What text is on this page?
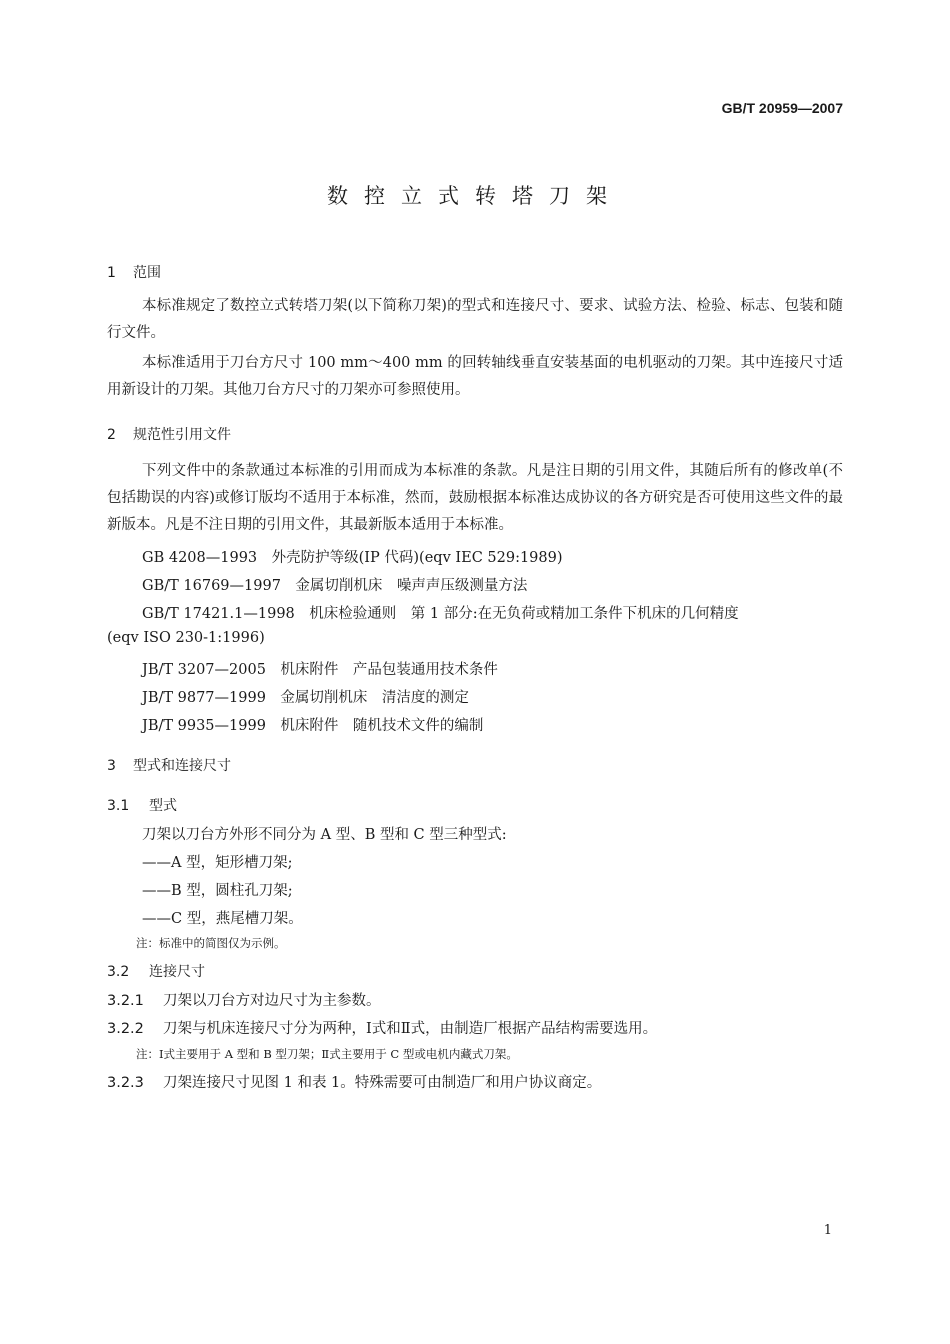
GB/T 20959—2007
数控立式转塔刀架
1 范围
本标准规定了数控立式转塔刀架(以下简称刀架)的型式和连接尺寸、要求、试验方法、检验、标志、包装和随行文件。
本标准适用于刀台方尺寸 100 mm～400 mm 的回转轴线垂直安装基面的电机驱动的刀架。其中连接尺寸适用新设计的刀架。其他刀台方尺寸的刀架亦可参照使用。
2 规范性引用文件
下列文件中的条款通过本标准的引用而成为本标准的条款。凡是注日期的引用文件，其随后所有的修改单(不包括勘误的内容)或修订版均不适用于本标准，然而，鼓励根据本标准达成协议的各方研究是否可使用这些文件的最新版本。凡是不注日期的引用文件，其最新版本适用于本标准。
GB 4208—1993　外壳防护等级(IP 代码)(eqv IEC 529:1989)
GB/T 16769—1997　金属切削机床　噪声声压级测量方法
GB/T 17421.1—1998　机床检验通则　第 1 部分:在无负荷或精加工条件下机床的几何精度
(eqv ISO 230-1:1996)
JB/T 3207—2005　机床附件　产品包装通用技术条件
JB/T 9877—1999　金属切削机床　清洁度的测定
JB/T 9935—1999　机床附件　随机技术文件的编制
3 型式和连接尺寸
3.1 型式
刀架以刀台方外形不同分为 A 型、B 型和 C 型三种型式:
——A 型，矩形槽刀架;
——B 型，圆柱孔刀架;
——C 型，燕尾槽刀架。
注：标准中的简图仅为示例。
3.2 连接尺寸
3.2.1 刀架以刀台方对边尺寸为主参数。
3.2.2 刀架与机床连接尺寸分为两种，Ⅰ式和Ⅱ式，由制造厂根据产品结构需要选用。
注：Ⅰ式主要用于 A 型和 B 型刀架；Ⅱ式主要用于 C 型或电机内藏式刀架。
3.2.3 刀架连接尺寸见图 1 和表 1。特殊需要可由制造厂和用户协议商定。
1
